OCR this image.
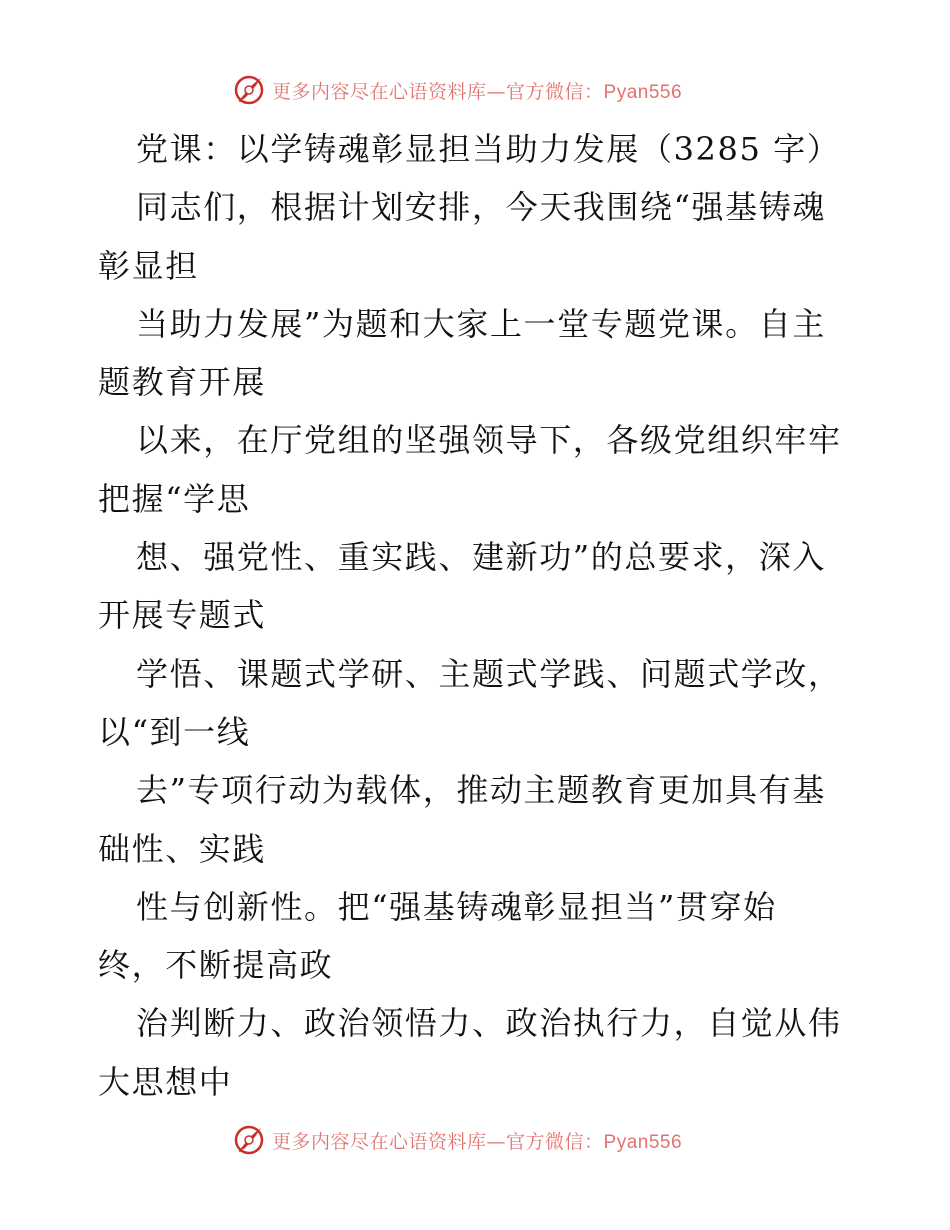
更多内容尽在心语资料库—官方微信：Pyan556
党课：以学铸魂彰显担当助力发展（3285 字）
同志们，根据计划安排，今天我围绕“强基铸魂
彰显担
当助力发展”为题和大家上一堂专题党课。自主
题教育开展
以来，在厅党组的坚强领导下，各级党组织牢牢
把握“学思
想、强党性、重实践、建新功”的总要求，深入
开展专题式
学悟、课题式学研、主题式学践、问题式学改，
以“到一线
去”专项行动为载体，推动主题教育更加具有基
础性、实践
性与创新性。把“强基铸魂彰显担当”贯穿始
终，不断提高政
治判断力、政治领悟力、政治执行力，自觉从伟
大思想中
更多内容尽在心语资料库—官方微信：Pyan556
